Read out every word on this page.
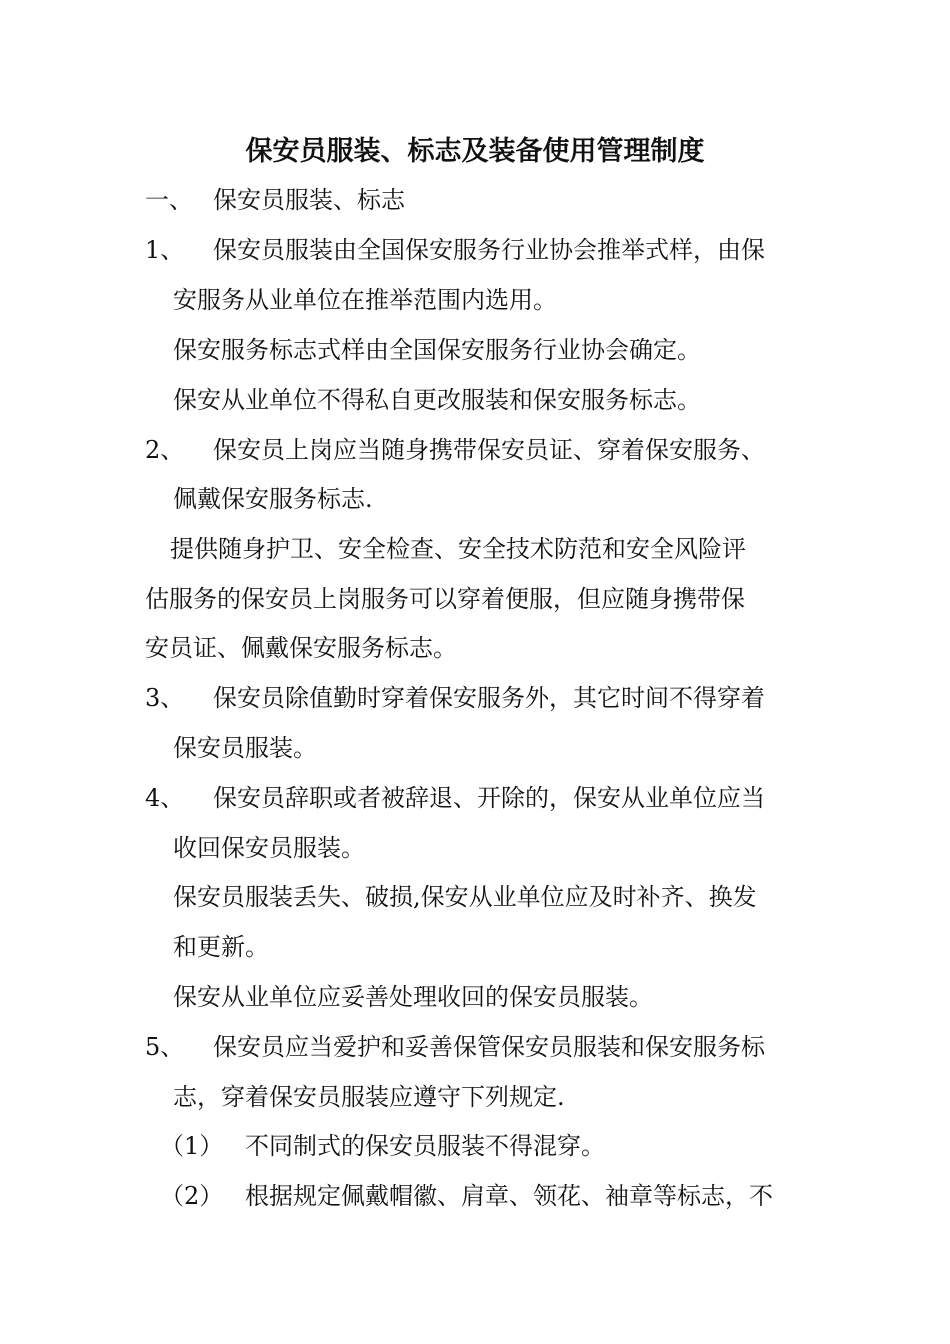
保安员服装、标志及装备使用管理制度
一、 保安员服装、标志
1、 保安员服装由全国保安服务行业协会推举式样，由保
安服务从业单位在推举范围内选用。
保安服务标志式样由全国保安服务行业协会确定。
保安从业单位不得私自更改服装和保安服务标志。
2、 保安员上岗应当随身携带保安员证、穿着保安服务、
佩戴保安服务标志.
提供随身护卫、安全检查、安全技术防范和安全风险评
估服务的保安员上岗服务可以穿着便服，但应随身携带保
安员证、佩戴保安服务标志。
3、 保安员除值勤时穿着保安服务外，其它时间不得穿着
保安员服装。
4、 保安员辞职或者被辞退、开除的，保安从业单位应当
收回保安员服装。
保安员服装丢失、破损,保安从业单位应及时补齐、换发
和更新。
保安从业单位应妥善处理收回的保安员服装。
5、 保安员应当爱护和妥善保管保安员服装和保安服务标
志，穿着保安员服装应遵守下列规定.
（1） 不同制式的保安员服装不得混穿。
（2） 根据规定佩戴帽徽、肩章、领花、袖章等标志，不
